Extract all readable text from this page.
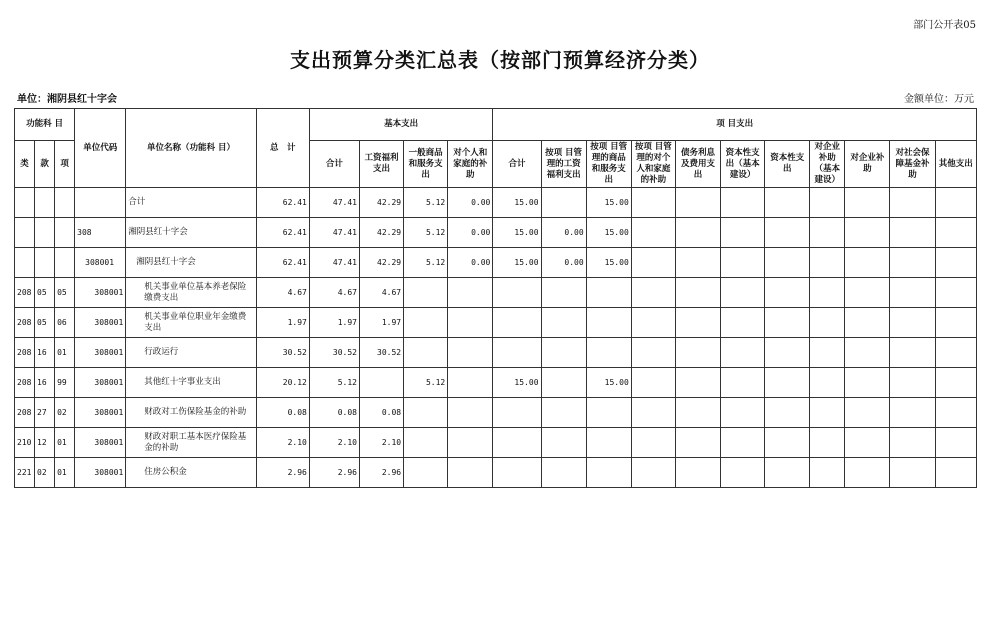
部门公开表05
支出预算分类汇总表（按部门预算经济分类）
单位：湘阴县红十字会	金额单位：万元
功能科 目			单位代码	单位名称（功能科 目）	总　计	基本支出				项 目支出										
类	款	项				合计	工资福利支出	一般商品和服务支出	对个人和家庭的补助	合计	按项 目管理的工资福利支出	按项 目管理的商品和服务支出	按项 目管理的对个人和家庭的补助	债务利息及费用支出	资本性支出（基本建设）	资本性支出	对企业补助（基本建设）	对企业补助	对社会保障基金补助	其他支出
				合计	62.41	47.41	42.29	5.12	0.00	15.00		15.00								
			308	湘阴县红十字会	62.41	47.41	42.29	5.12	0.00	15.00	0.00	15.00								
			308001	湘阴县红十字会	62.41	47.41	42.29	5.12	0.00	15.00	0.00	15.00								
208	05	05	308001	机关事业单位基本养老保险缴费支出	4.67	4.67	4.67													
208	05	06	308001	机关事业单位职业年金缴费支出	1.97	1.97	1.97													
208	16	01	308001	行政运行	30.52	30.52	30.52													
208	16	99	308001	其他红十字事业支出	20.12	5.12		5.12		15.00		15.00								
208	27	02	308001	财政对工伤保险基金的补助	0.08	0.08	0.08													
210	12	01	308001	财政对职工基本医疗保险基金的补助	2.10	2.10	2.10													
221	02	01	308001	住房公积金	2.96	2.96	2.96													
